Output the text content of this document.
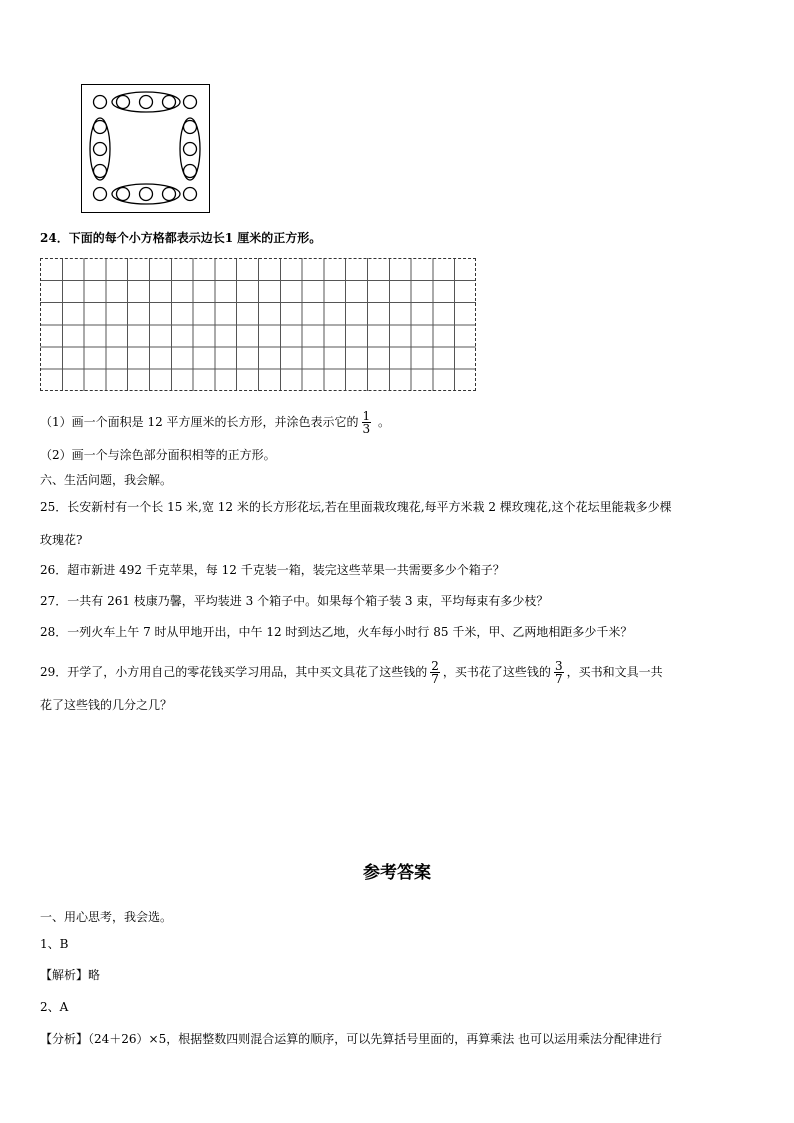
24．下面的每个小方格都表示边长1 厘米的正方形。
（1）画一个面积是 12 平方厘米的长方形，并涂色表示它的 $\frac{1}{3}$ 。
（2）画一个与涂色部分面积相等的正方形。
六、生活问题，我会解。
25．长安新村有一个长 15 米,宽 12 米的长方形花坛,若在里面栽玫瑰花,每平方米栽 2 棵玫瑰花,这个花坛里能栽多少棵
玫瑰花?
26．超市新进 492 千克苹果，每 12 千克装一箱，装完这些苹果一共需要多少个箱子？
27．一共有 261 枝康乃馨，平均装进 3 个箱子中。如果每个箱子装 3 束，平均每束有多少枝？
28．一列火车上午 7 时从甲地开出，中午 12 时到达乙地，火车每小时行 85 千米，甲、乙两地相距多少千米？
29．开学了，小方用自己的零花钱买学习用品，其中买文具花了这些钱的 $\frac{2}{7}$ ，买书花了这些钱的 $\frac{3}{7}$ ，买书和文具一共
花了这些钱的几分之几？
参考答案
一、用心思考，我会选。
1、B
【解析】略
2、A
【分析】（24＋26）×5，根据整数四则混合运算的顺序，可以先算括号里面的，再算乘法 也可以运用乘法分配律进行
